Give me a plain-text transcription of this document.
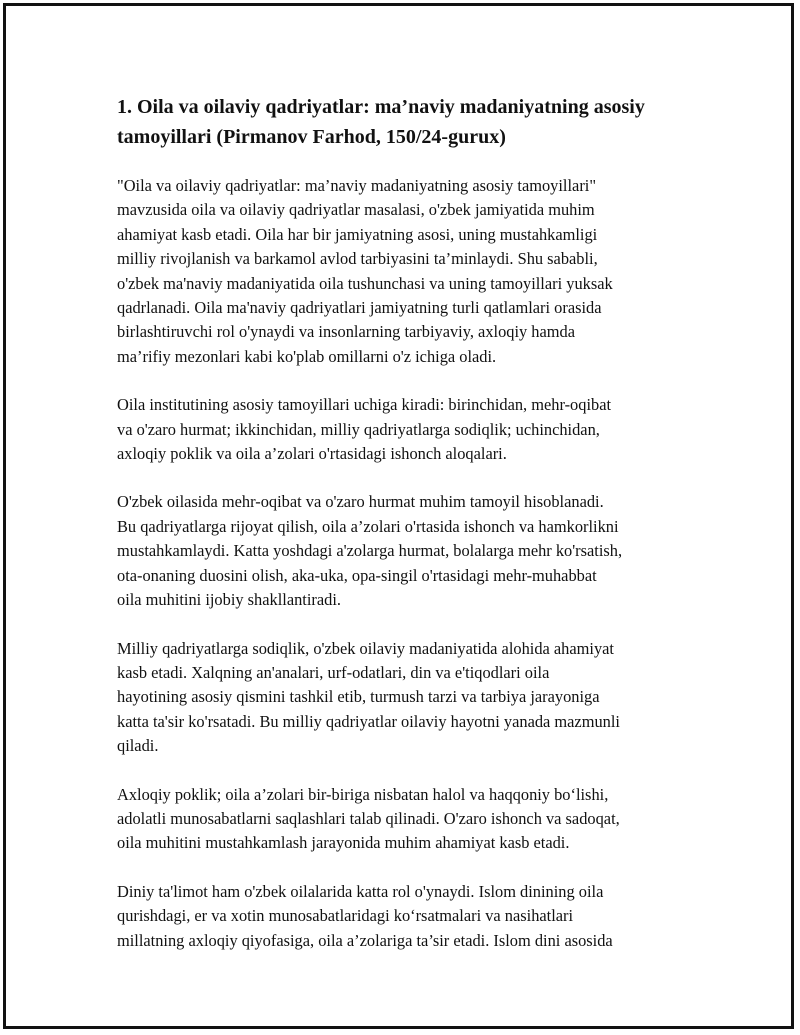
1. Oila va oilaviy qadriyatlar: ma’naviy madaniyatning asosiy tamoyillari (Pirmanov Farhod, 150/24-gurux)

"Oila va oilaviy qadriyatlar: ma’naviy madaniyatning asosiy tamoyillari"
mavzusida oila va oilaviy qadriyatlar masalasi, o'zbek jamiyatida muhim
ahamiyat kasb etadi. Oila har bir jamiyatning asosi, uning mustahkamligi
milliy rivojlanish va barkamol avlod tarbiyasini ta’minlaydi. Shu sababli,
o'zbek ma'naviy madaniyatida oila tushunchasi va uning tamoyillari yuksak
qadrlanadi. Oila ma'naviy qadriyatlari jamiyatning turli qatlamlari orasida
birlashtiruvchi rol o'ynaydi va insonlarning tarbiyaviy, axloqiy hamda
ma’rifiy mezonlari kabi ko'plab omillarni o'z ichiga oladi.

Oila institutining asosiy tamoyillari uchiga kiradi: birinchidan, mehr-oqibat
va o'zaro hurmat; ikkinchidan, milliy qadriyatlarga sodiqlik; uchinchidan,
axloqiy poklik va oila a’zolari o'rtasidagi ishonch aloqalari.

O'zbek oilasida mehr-oqibat va o'zaro hurmat muhim tamoyil hisoblanadi.
Bu qadriyatlarga rijoyat qilish, oila a’zolari o'rtasida ishonch va hamkorlikni
mustahkamlaydi. Katta yoshdagi a'zolarga hurmat, bolalarga mehr ko'rsatish,
ota-onaning duosini olish, aka-uka, opa-singil o'rtasidagi mehr-muhabbat
oila muhitini ijobiy shakllantiradi.

Milliy qadriyatlarga sodiqlik, o'zbek oilaviy madaniyatida alohida ahamiyat
kasb etadi. Xalqning an'analari, urf-odatlari, din va e'tiqodlari oila
hayotining asosiy qismini tashkil etib, turmush tarzi va tarbiya jarayoniga
katta ta'sir ko'rsatadi. Bu milliy qadriyatlar oilaviy hayotni yanada mazmunli
qiladi.

Axloqiy poklik; oila a’zolari bir-biriga nisbatan halol va haqqoniy bo‘lishi,
adolatli munosabatlarni saqlashlari talab qilinadi. O'zaro ishonch va sadoqat,
oila muhitini mustahkamlash jarayonida muhim ahamiyat kasb etadi.

Diniy ta'limot ham o'zbek oilalarida katta rol o'ynaydi. Islom dinining oila
qurishdagi, er va xotin munosabatlaridagi ko‘rsatmalari va nasihatlari
millatning axloqiy qiyofasiga, oila a’zolariga ta’sir etadi. Islom dini asosida
